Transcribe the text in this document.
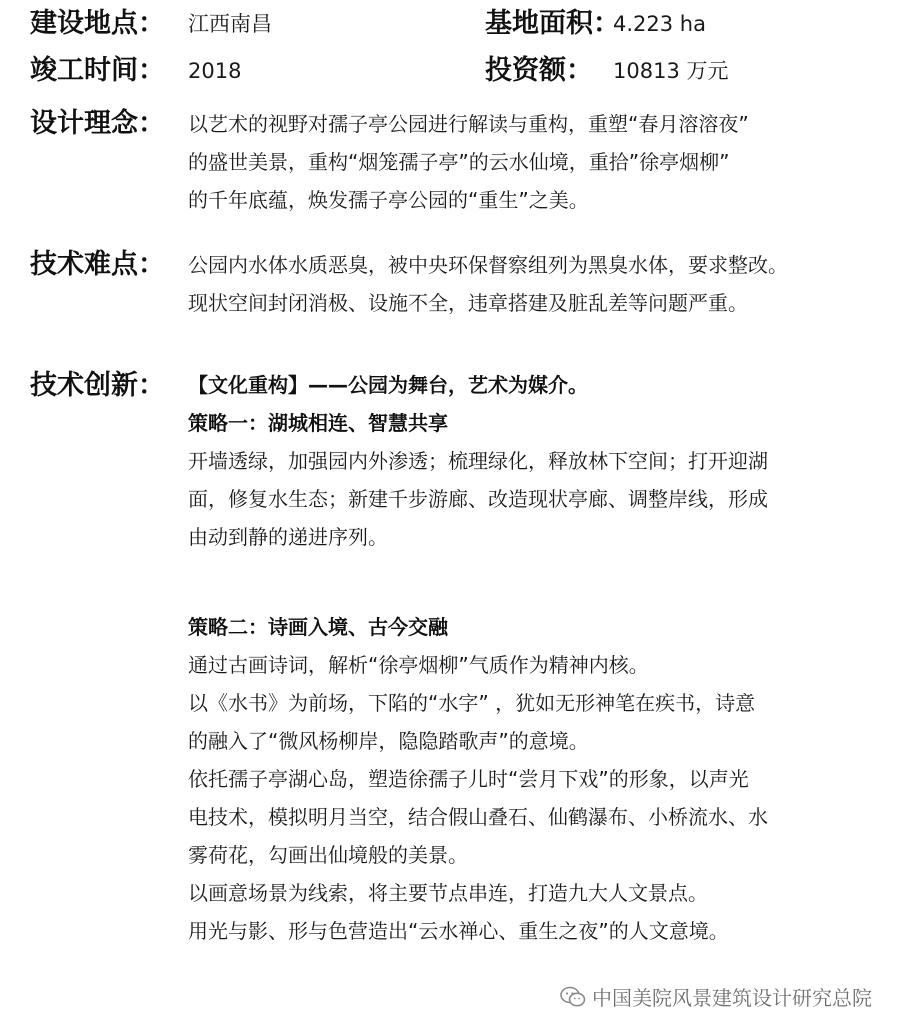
建设地点： 江西南昌	基地面积：
4.223 ha
竣工时间： 2018	投资额： 10813 万元
设计理念： 以艺术的视野对孺子亭公园进行解读与重构，重塑“春月溶溶夜”
的盛世美景，重构“烟笼孺子亭”的云水仙境，重拾”徐亭烟柳”
的千年底蕴，焕发孺子亭公园的“重生”之美。
技术难点： 公园内水体水质恶臭，被中央环保督察组列为黑臭水体，要求整改。
现状空间封闭消极、设施不全，违章搭建及脏乱差等问题严重。
技术创新： 【文化重构】——公园为舞台，艺术为媒介。
策略一：湖城相连、智慧共享
开墙透绿，加强园内外渗透；梳理绿化，释放林下空间；打开迎湖
面，修复水生态；新建千步游廊、改造现状亭廊、调整岸线，形成
由动到静的递进序列。
策略二：诗画入境、古今交融
通过古画诗词，解析“徐亭烟柳”气质作为精神内核。
以《水书》为前场，下陷的“水字” ，犹如无形神笔在疾书，诗意
的融入了“微风杨柳岸，隐隐踏歌声”的意境。
依托孺子亭湖心岛，塑造徐孺子儿时“尝月下戏”的形象，以声光
电技术，模拟明月当空，结合假山叠石、仙鹤瀑布、小桥流水、水
雾荷花，勾画出仙境般的美景。
以画意场景为线索，将主要节点串连，打造九大人文景点。
用光与影、形与色营造出“云水禅心、重生之夜”的人文意境。
中国美院风景建筑设计研究总院
